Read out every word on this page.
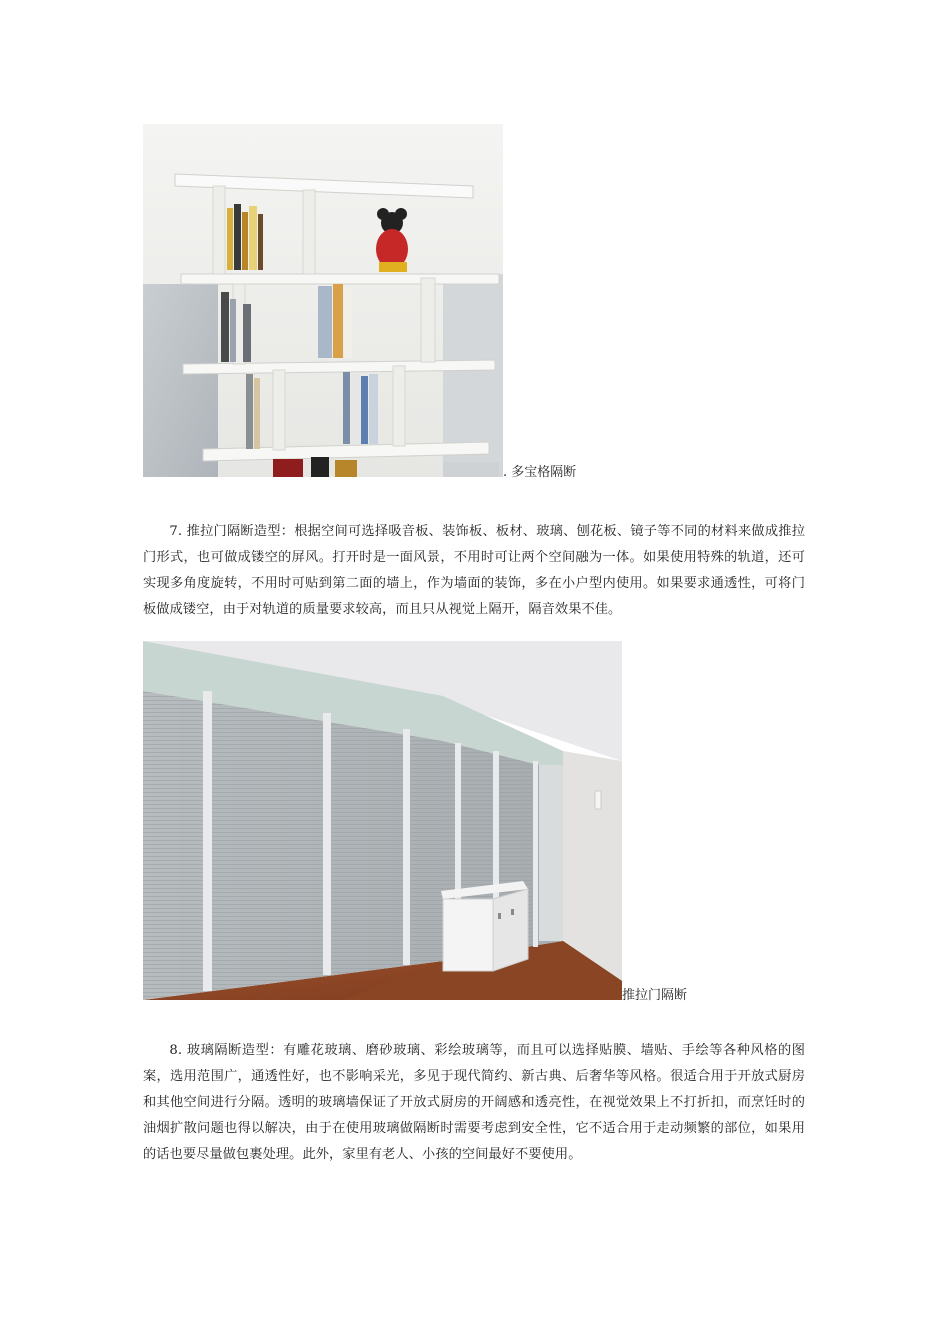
. 多宝格隔断

7. 推拉门隔断造型：根据空间可选择吸音板、装饰板、板材、玻璃、刨花板、镜子等不同的材料来做成推拉门形式，也可做成镂空的屏风。打开时是一面风景，不用时可让两个空间融为一体。如果使用特殊的轨道，还可实现多角度旋转，不用时可贴到第二面的墙上，作为墙面的装饰，多在小户型内使用。如果要求通透性，可将门板做成镂空，由于对轨道的质量要求较高，而且只从视觉上隔开，隔音效果不佳。

推拉门隔断

8. 玻璃隔断造型：有雕花玻璃、磨砂玻璃、彩绘玻璃等，而且可以选择贴膜、墙贴、手绘等各种风格的图案，选用范围广，通透性好，也不影响采光，多见于现代简约、新古典、后奢华等风格。很适合用于开放式厨房和其他空间进行分隔。透明的玻璃墙保证了开放式厨房的开阔感和透亮性，在视觉效果上不打折扣，而烹饪时的油烟扩散问题也得以解决，由于在使用玻璃做隔断时需要考虑到安全性，它不适合用于走动频繁的部位，如果用的话也要尽量做包裹处理。此外，家里有老人、小孩的空间最好不要使用。
